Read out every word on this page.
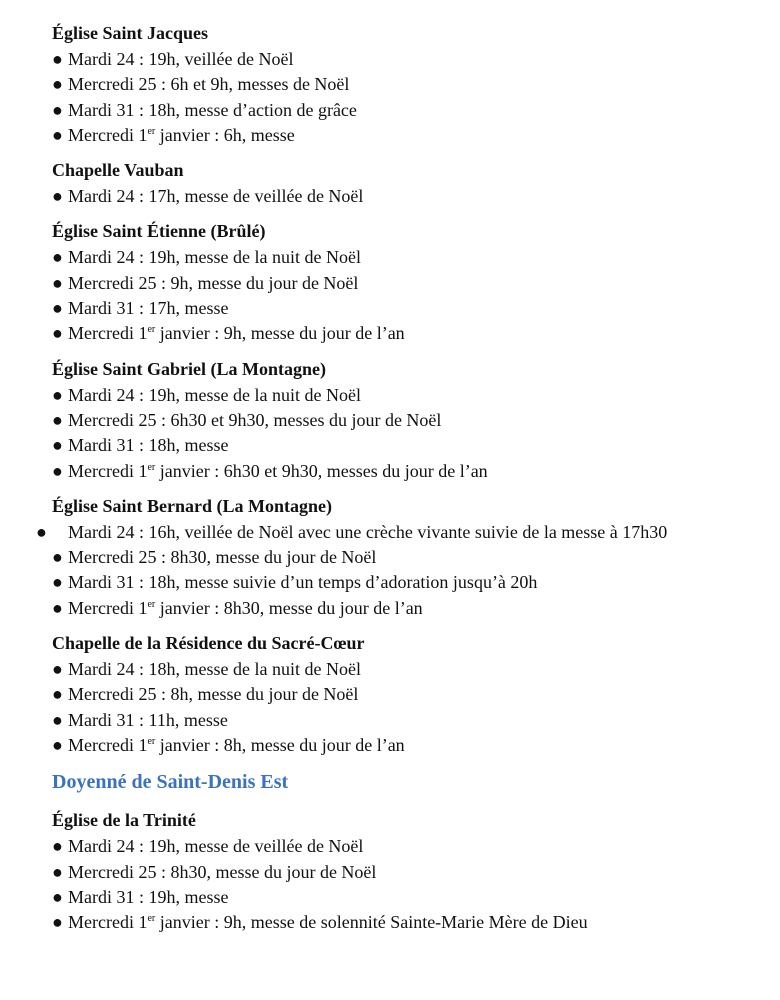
Église Saint Jacques
● Mardi 24 : 19h, veillée de Noël
● Mercredi 25 : 6h et 9h, messes de Noël
● Mardi 31 : 18h, messe d’action de grâce
● Mercredi 1er janvier : 6h, messe
Chapelle Vauban
● Mardi 24 : 17h, messe de veillée de Noël
Église Saint Étienne (Brûlé)
● Mardi 24 : 19h, messe de la nuit de Noël
● Mercredi 25 : 9h, messe du jour de Noël
● Mardi 31 : 17h, messe
● Mercredi 1er janvier : 9h, messe du jour de l’an
Église Saint Gabriel (La Montagne)
● Mardi 24 : 19h, messe de la nuit de Noël
● Mercredi 25 : 6h30 et 9h30, messes du jour de Noël
● Mardi 31 : 18h, messe
● Mercredi 1er janvier : 6h30 et 9h30, messes du jour de l’an
Église Saint Bernard (La Montagne)
● Mardi 24 : 16h, veillée de Noël avec une crèche vivante suivie de la messe à 17h30
● Mercredi 25 : 8h30, messe du jour de Noël
● Mardi 31 : 18h, messe suivie d’un temps d’adoration jusqu’à 20h
● Mercredi 1er janvier : 8h30, messe du jour de l’an
Chapelle de la Résidence du Sacré-Cœur
● Mardi 24 : 18h, messe de la nuit de Noël
● Mercredi 25 : 8h, messe du jour de Noël
● Mardi 31 : 11h, messe
● Mercredi 1er janvier : 8h, messe du jour de l’an
Doyenné de Saint-Denis Est
Église de la Trinité
● Mardi 24 : 19h, messe de veillée de Noël
● Mercredi 25 : 8h30, messe du jour de Noël
● Mardi 31 : 19h, messe
● Mercredi 1er janvier : 9h, messe de solennité Sainte-Marie Mère de Dieu
